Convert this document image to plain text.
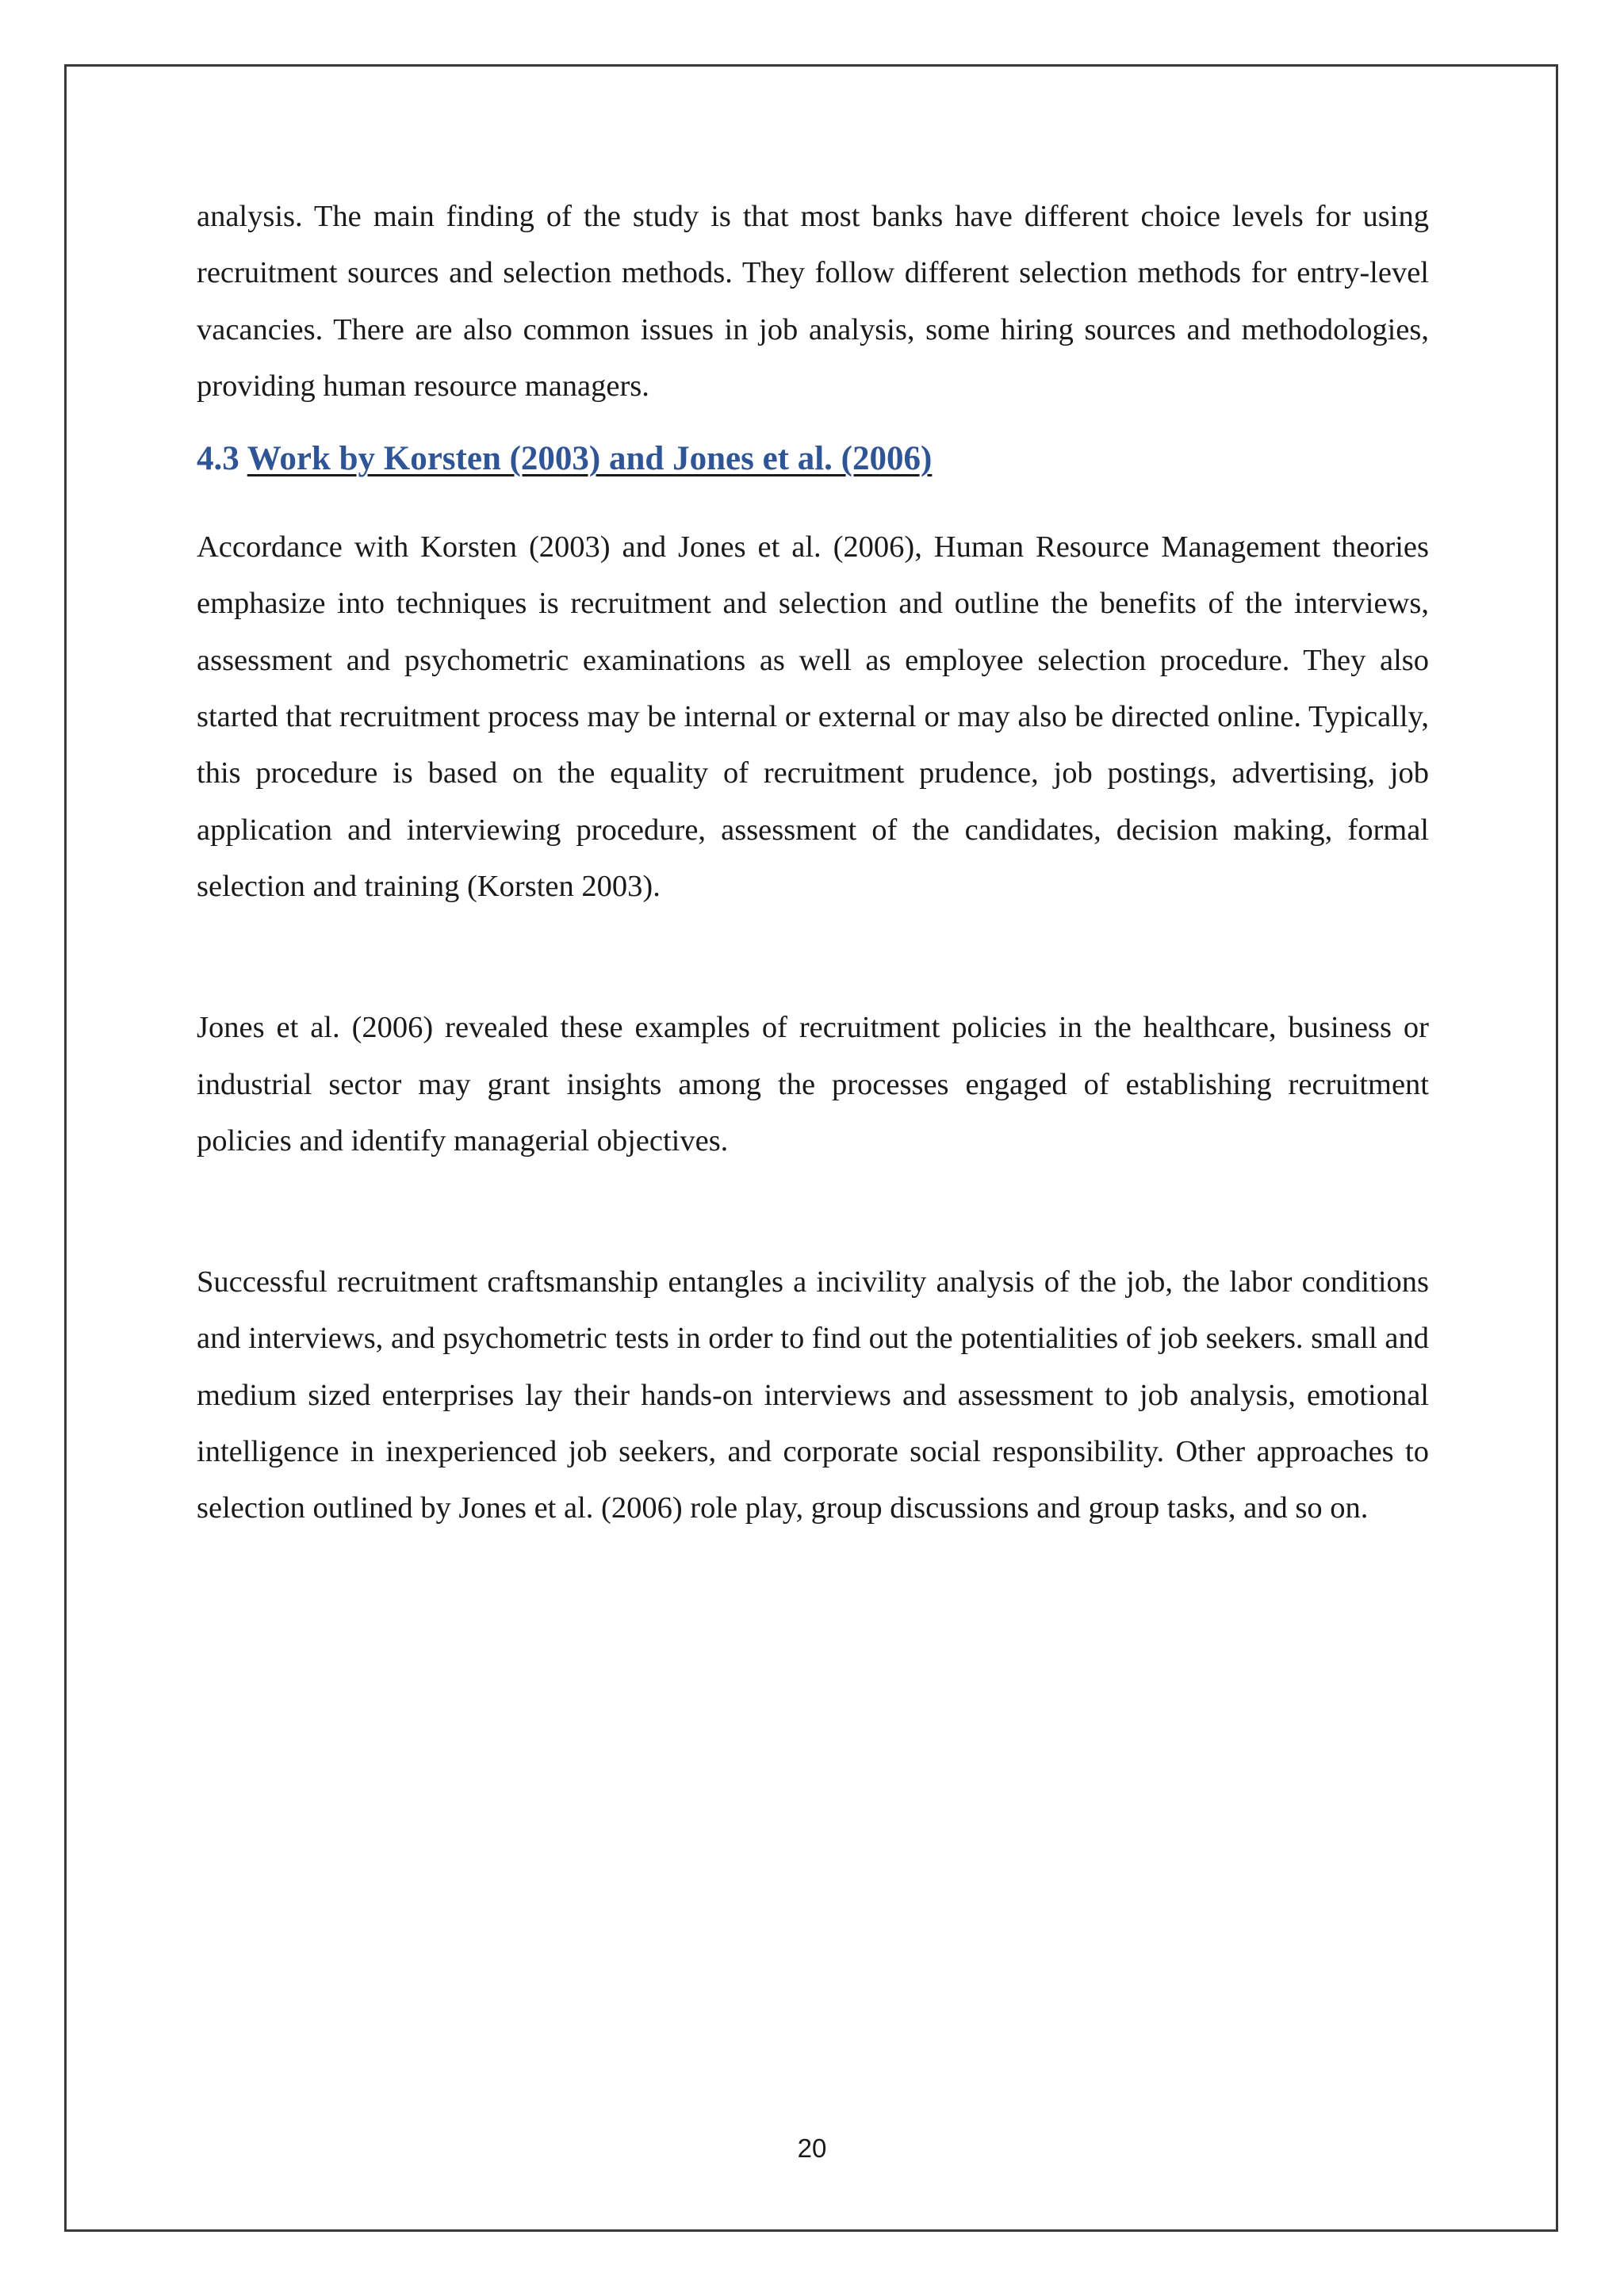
analysis. The main finding of the study is that most banks have different choice levels for using recruitment sources and selection methods. They follow different selection methods for entry-level vacancies. There are also common issues in job analysis, some hiring sources and methodologies, providing human resource managers.

4.3 Work by Korsten (2003) and Jones et al. (2006)

Accordance with Korsten (2003) and Jones et al. (2006), Human Resource Management theories emphasize into techniques is recruitment and selection and outline the benefits of the interviews, assessment and psychometric examinations as well as employee selection procedure. They also started that recruitment process may be internal or external or may also be directed online. Typically, this procedure is based on the equality of recruitment prudence, job postings, advertising, job application and interviewing procedure, assessment of the candidates, decision making, formal selection and training (Korsten 2003).

Jones et al. (2006) revealed these examples of recruitment policies in the healthcare, business or industrial sector may grant insights among the processes engaged of establishing recruitment policies and identify managerial objectives.

Successful recruitment craftsmanship entangles a incivility analysis of the job, the labor conditions and interviews, and psychometric tests in order to find out the potentialities of job seekers. small and medium sized enterprises lay their hands-on interviews and assessment to job analysis, emotional intelligence in inexperienced job seekers, and corporate social responsibility. Other approaches to selection outlined by Jones et al. (2006) role play, group discussions and group tasks, and so on.

20
